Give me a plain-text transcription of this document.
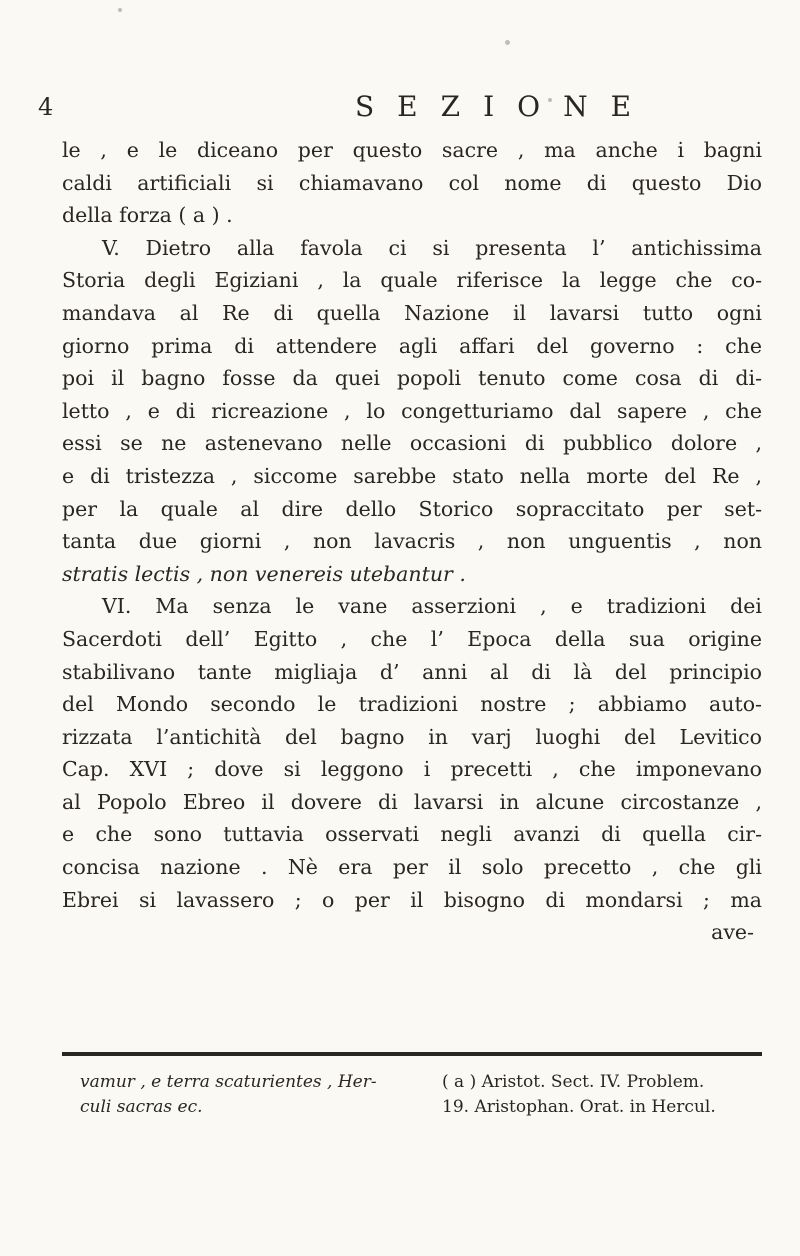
4	SEZIONE
le , e le diceano per questo sacre , ma anche i bagni
caldi artificiali si chiamavano col nome di questo Dio
della forza ( a ) .
V. Dietro alla favola ci si presenta l’ antichissima
Storia degli Egiziani , la quale riferisce la legge che co-
mandava al Re di quella Nazione il lavarsi tutto ogni
giorno prima di attendere agli affari del governo : che
poi il bagno fosse da quei popoli tenuto come cosa di di-
letto , e di ricreazione , lo congetturiamo dal sapere , che
essi se ne astenevano nelle occasioni di pubblico dolore ,
e di tristezza , siccome sarebbe stato nella morte del Re ,
per la quale al dire dello Storico sopraccitato per set-
tanta due giorni , non lavacris , non unguentis , non
stratis lectis , non venereis utebantur .
VI. Ma senza le vane asserzioni , e tradizioni dei
Sacerdoti dell’ Egitto , che l’ Epoca della sua origine
stabilivano tante migliaja d’ anni al di là del principio
del Mondo secondo le tradizioni nostre ; abbiamo auto-
rizzata l’antichità del bagno in varj luoghi del Levitico
Cap. XVI ; dove si leggono i precetti , che imponevano
al Popolo Ebreo il dovere di lavarsi in alcune circostanze ,
e che sono tuttavia osservati negli avanzi di quella cir-
concisa nazione . Nè era per il solo precetto , che gli
Ebrei si lavassero ; o per il bisogno di mondarsi ; ma
ave-
vamur , e terra scaturientes , Her-
culi sacras ec.
( a ) Aristot. Sect. IV. Problem.
19. Aristophan. Orat. in Hercul.
